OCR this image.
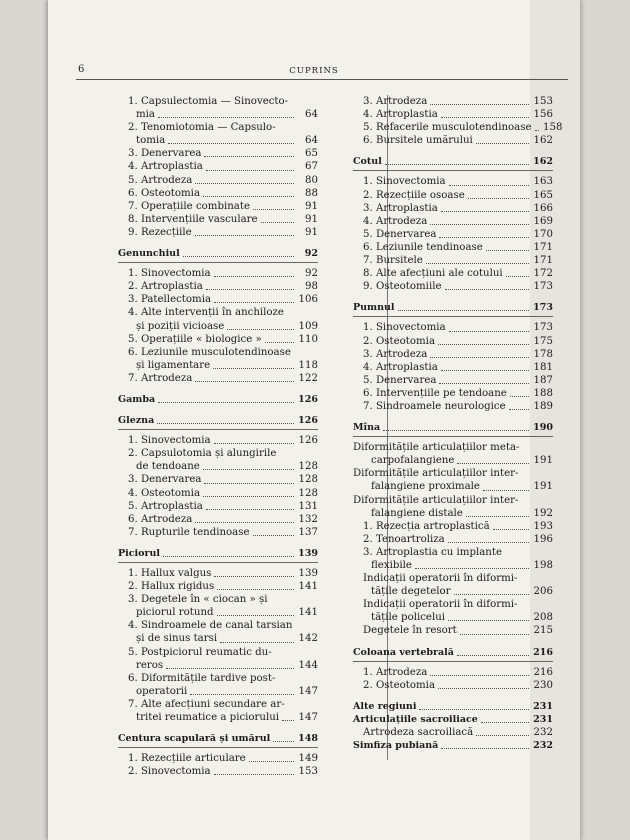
6	CUPRINS
1. Capsulectomia — Sinovecto-
mia	64
2. Tenomiotomia — Capsulo-
tomia	64
3. Denervarea	65
4. Artroplastia	67
5. Artrodeza	80
6. Osteotomia	88
7. Operațiile combinate	91
8. Intervențiile vasculare	91
9. Rezecțiile	91
Genunchiul	92
1. Sinovectomia	92
2. Artroplastia	98
3. Patellectomia	106
4. Alte intervenții în anchiloze
și poziții vicioase	109
5. Operațiile « biologice »	110
6. Leziunile musculotendinoase
și ligamentare	118
7. Artrodeza	122
Gamba	126
Glezna	126
1. Sinovectomia	126
2. Capsulotomia și alungirile
de tendoane	128
3. Denervarea	128
4. Osteotomia	128
5. Artroplastia	131
6. Artrodeza	132
7. Rupturile tendinoase	137
Piciorul	139
1. Hallux valgus	139
2. Hallux rigidus	141
3. Degetele în « ciocan » și
piciorul rotund	141
4. Sindroamele de canal tarsian
și de sinus tarsi	142
5. Postpiciorul reumatic du-
reros	144
6. Diformitățile tardive post-
operatorii	147
7. Alte afecțiuni secundare ar-
tritei reumatice a piciorului 147
Centura scapulară și umărul	148
1. Rezecțiile articulare	149
2. Sinovectomia	153
3. Artrodeza	153
4. Artroplastia	156
5. Refacerile musculotendinoase 158
6. Bursitele umărului	162
Cotul	162
1. Sinovectomia	163
2. Rezecțiile osoase	165
3. Artroplastia	166
4. Artrodeza	169
5. Denervarea	170
6. Leziunile tendinoase	171
7. Bursitele	171
8. Alte afecțiuni ale cotului	172
9. Osteotomiile	173
Pumnul	173
1. Sinovectomia	173
2. Osteotomia	175
3. Artrodeza	178
4. Artroplastia	181
5. Denervarea	187
6. Intervențiile pe tendoane	188
7. Sindroamele neurologice	189
Mîna	190
Diformitățile articulațiilor meta-
carpofalangiene	191
Diformitățile articulațiilor inter-
falangiene proximale	191
Diformitățile articulațiilor inter-
falangiene distale	192
1. Rezecția artroplastică	193
2. Tenoartroliza	196
3. Artroplastia cu implante
flexibile	198
Indicații operatorii în diformi-
tățile degetelor	206
Indicații operatorii în diformi-
tățile policelui	208
Degetele în resort	215
Coloana vertebrală	216
1. Artrodeza	216
2. Osteotomia	230
Alte regiuni	231
Articulațiile sacroiliace	231
Artrodeza sacroiliacă	232
Simfiza pubiană	232
